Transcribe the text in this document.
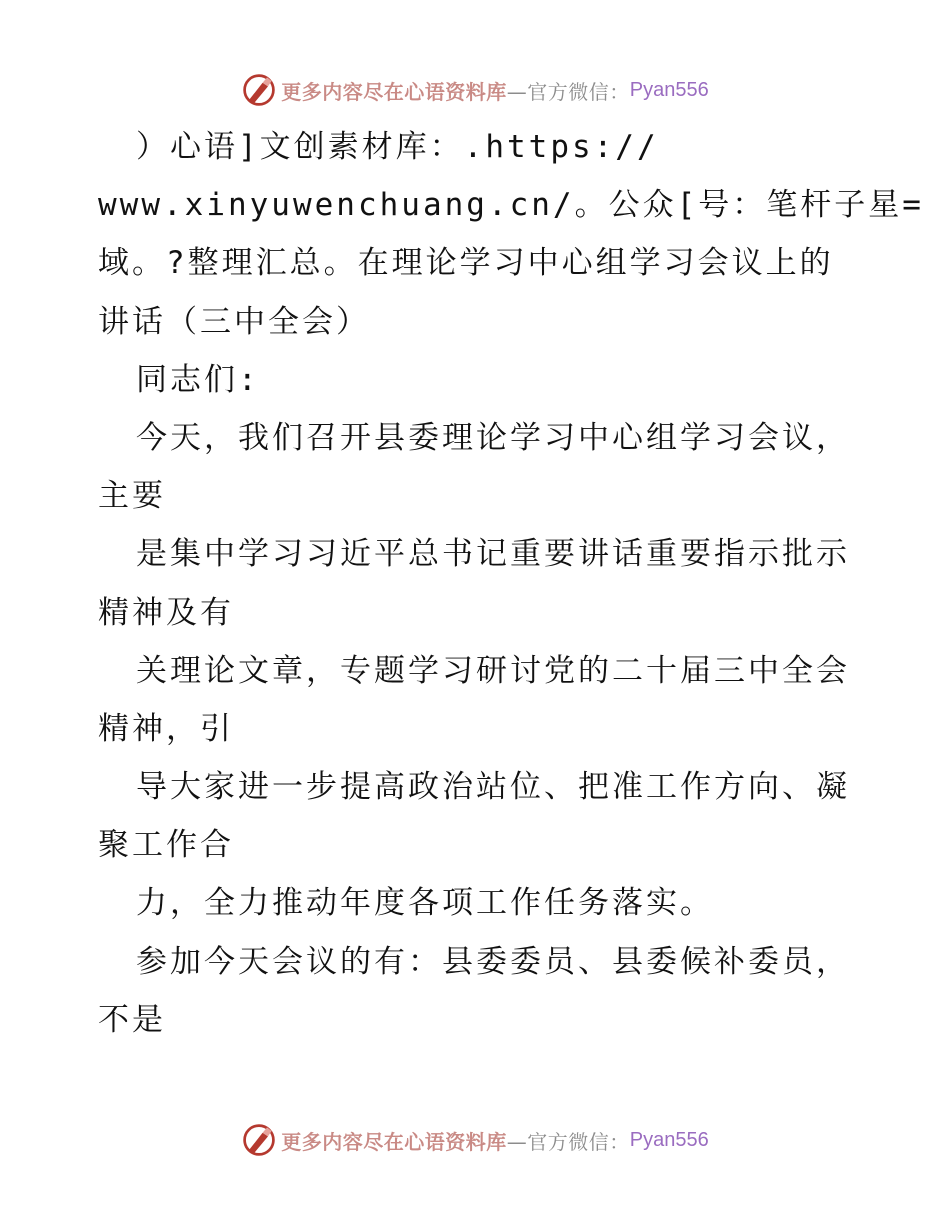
更多内容尽在心语资料库 —官方微信： Pyan556
）心语]文创素材库：.https://
www.xinyuwenchuang.cn/。公众[号：笔杆子星=
域。?整理汇总。在理论学习中心组学习会议上的
讲话（三中全会）
同志们:
今天，我们召开县委理论学习中心组学习会议，
主要
是集中学习习近平总书记重要讲话重要指示批示
精神及有
关理论文章，专题学习研讨党的二十届三中全会
精神，引
导大家进一步提高政治站位、把准工作方向、凝
聚工作合
力，全力推动年度各项工作任务落实。
参加今天会议的有：县委委员、县委候补委员，
不是
更多内容尽在心语资料库 —官方微信： Pyan556
